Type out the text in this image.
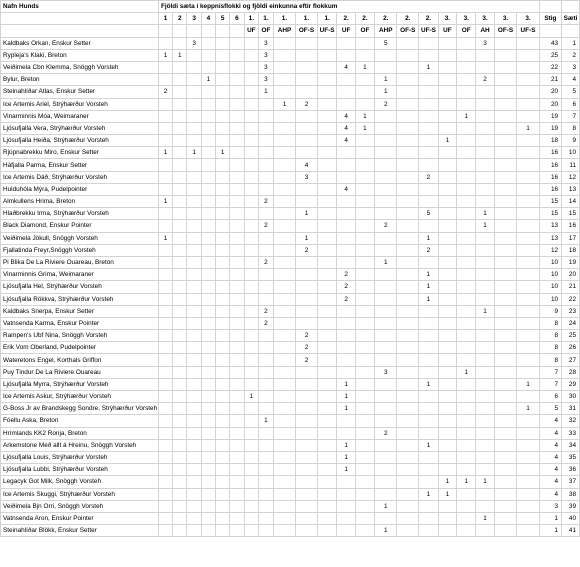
Nafn Hunds	Fjöldi sæta í keppnisflokki og fjöldi einkunna eftir flokkum																						
	1	2	3	4	5	6	1.	1.	1.	1.	1.	2.	2.	2.	2.	2.	3.	3.	3.	3.	3.	Stig	Sæti
							UF	OF	AHP	OF-S	UF-S	UF	OF	AHP	OF-S	UF-S	UF	OF	AH	OF-S	UF-S		
Kaldbaks Orkan, Enskur Setter			3					3						5					3			43	1
Rypleja's Klaki, Breton	1	1						3														25	2
Veiðimela Cbn Klemma, Snöggh Vorsteh								3				4	1			1						22	3
Bylur, Breton				1				3						1					2			21	4
Steinahlíðar Atlas, Enskur Setter	2							1						1								20	5
Ice Artemis Ariel, Strýhærður Vorsteh									1	2				2								20	6
Vinarminnis Móa, Weimaraner												4	1					1				19	7
Ljósufjalla Vera, Strýhærður Vorsteh												4	1								1	19	8
Ljósufjalla Heiða, Strýhærður Vorsteh												4					1					18	9
Rjúpnabrekku Miro, Enskur Setter	1		1		1																	16	10
Háfjalla Parma, Enskur Setter										4												16	11
Ice Artemis Dáð, Strýhærður Vorsteh										3						2						16	12
Hulduhóla Mýra, Pudelpointer												4										16	13
Almkullens Hrima, Breton	1							2														15	14
Hlaðbrekku Irma, Strýhærður Vorsteh										1						5			1			15	15
Black Diamond, Enskur Pointer								2						2					1			13	16
Veiðimela Jökull, Snöggh Vorsteh	1									1						1						13	17
Fjallatinda Freyr,Snöggh Vorsteh										2						2						12	18
Pi Blika De La Riviere Ouareau, Breton								2						1								10	19
Vinarminnis Grima, Weimaraner												2				1						10	20
Ljósufjalla Hel, Strýhærður Vorsteh												2				1						10	21
Ljósufjalla Rökkva, Strýhærður Vorsteh												2				1						10	22
Kaldbaks Snerpa, Enskur Setter								2											1			9	23
Vatnsenda Karma, Enskur Pointer								2														8	24
Rampen's Ubf Nina, Snöggh Vorsteh										2												8	25
Erik Vom Oberland, Pudelpointer										2												8	26
Wateretons Engel, Korthals Griffon										2												8	27
Puy Tindur De La Riviere Ouareau														3				1				7	28
Ljósufjalla Myrra, Strýhærður Vorsteh												1				1					1	7	29
Ice Artemis Askur, Strýhærður Vorsteh							1					1										6	30
G-Boss Jr av Brandskegg Sondre, Strýhærður Vorsteh												1									1	5	31
Fóellu Aska, Breton								1														4	32
Hrímlands KK2 Ronja, Breton														2								4	33
Arkemstone Með allt á Hreinu, Snöggh Vorsteh												1				1						4	34
Ljósufjalla Louis, Strýhærður Vorsteh												1										4	35
Ljósufjalla Lubbi, Strýhærður Vorsteh												1										4	36
Legacyk Got Milk, Snöggh Vorsteh																	1	1	1			4	37
Ice Artemis Skuggi, Strýhærður Vorsteh																1	1					4	38
Veiðimela Bjn Orri, Snöggh Vorsteh														1								3	39
Vatnsenda Aron, Enskur Pointer																			1			1	40
Steinahlíðar Blökk, Enskur Setter														1								1	41
